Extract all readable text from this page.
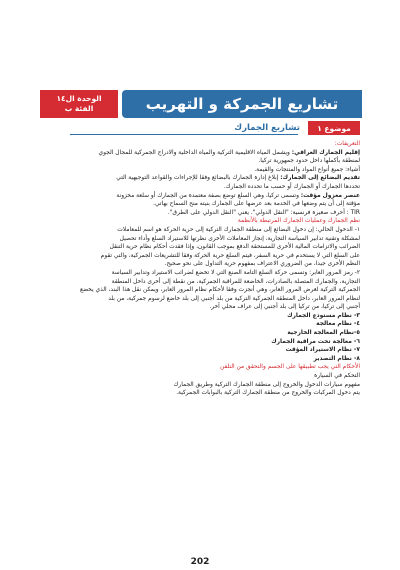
الوحدة ال١٤
الفئة ب	تشاريع الجمركة و التهريب
موضوع ١
تشاريع الجمارك

التعريفات:

إقليم الجمارك العراقي: ويشمل المياه الاقليمية التركية والمياه الداخلية والادراج الجمركية للمجال الجوي

لمنطقة بأكملها داخل حدود جمهورية تركيا.

أشياء: جميع أنواع المواد والمنتجات والقيمة.

تقديم البضائع إلى الجمارك: إبلاغ إدارة الجمارك بالبضائع وفقا للإجراءات والقواعد التوجيهية التي

تحددها الجمارك أو الجمارك أو حسب ما تحدده الجمارك.

عنصر معزول مؤقت: وتسمى تركيا، وهي السلع توضع بصفة معتمدة من الجمارك أو سلعة مخزونة

مؤقتة إلى أن يتم وضعها في الخدمة بعد عرضها على الجمارك بنيته منح السماح بهاتي.

TIR : أحرف صغيرة فرنسية: "النقل الدولي". يعني "النقل الدولي على الطرق".

نظم الجمارك وعمليات الجمارك المرتبطة بالأنظمة

١- الدخول الحالي: إن دخول البضائع إلى منطقة الجمارك التركية إلى حرية الحركة هو اسم للمعاملات

لمشكلة وتقنية تدابير السياسة التجارية، إنجاز المعاملات الأخرى نظرتها للاستيراد السلع وأداء تحصيل

الضرائب والاتزامات المالية الأخرى للمستحقة الدفع بموجب القانون، وإذا فقدت أحكام نظام حرية التنقل

على السلع التي لا يستخدم في حرية السفر، فيتم السلع حرية الحركة وفقا للتشريعات الجمركية، والتي تقوم

النظم الأخرى جيدا، من الضروري الاعتراف بمفهوم حرية التداول على نحو صحيح.

٢- رمز المرور العابر: وتسمى حركة السلع التامة الصنع التي لا تخضع لضرائب الاستيراد وتدابير السياسة

التجارية، والجمارك المتصلة بالصادرات، الخاضعة للمراقبة الجمركية، من نقطة إلى أخرى داخل المنطقة

الجمركية التركية لغرض المرور العابر، وهي أنجزت وفقا لأحكام نظام المرور العابر، ويمكن نقل هذا البند، الذي يخضع

لنظام المرور العابر، داخل المنطقة الجمركية التركية من بلد أجنبي إلى بلد خاضع لرسوم جمركية، من بلد

أجنبي إلى تركيا، من تركيا إلى بلد أجنبي إلى عراف محلي آخر.

٣- نظام مستودع الجمارك

٤- نظام معالجة

٥-نظام المعالجة الخارجية

٦- معالجة تحت مراقبة الجمارك

٧- نظام الاستيراد المؤقت

٨- نظام التصدير

الأحكام التي يجب تطبيقها على الجسم والتحقق من التلفن

التحكم في السيارة

مفهوم سيارات الدخول والخروج إلى منطقة الجمارك التركية وطريق الجمارك

يتم دخول المركبات والخروج من منطقة الجمارك التركية بالبوابات الجمركية.

202
